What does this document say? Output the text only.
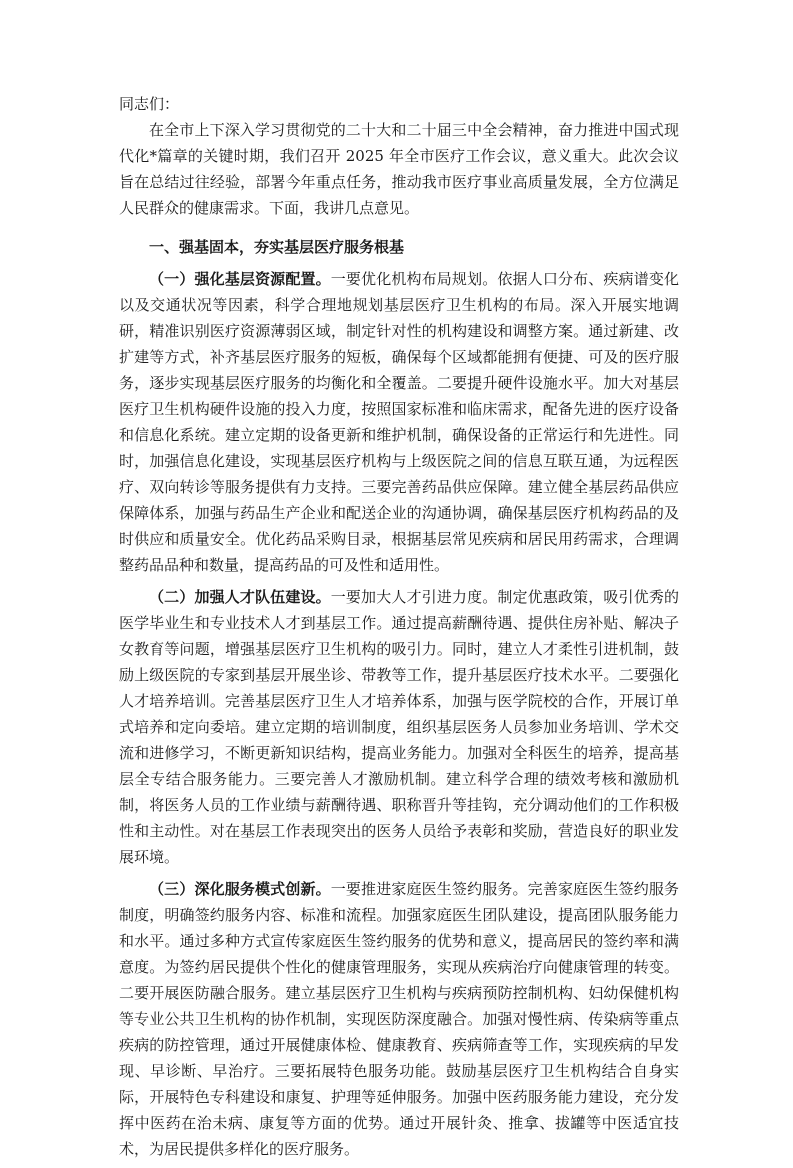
同志们：

在全市上下深入学习贯彻党的二十大和二十届三中全会精神，奋力推进中国式现代化*篇章的关键时期，我们召开 2025 年全市医疗工作会议，意义重大。此次会议旨在总结过往经验，部署今年重点任务，推动我市医疗事业高质量发展，全方位满足人民群众的健康需求。下面，我讲几点意见。

一、强基固本，夯实基层医疗服务根基

（一）强化基层资源配置。一要优化机构布局规划。依据人口分布、疾病谱变化以及交通状况等因素，科学合理地规划基层医疗卫生机构的布局。深入开展实地调研，精准识别医疗资源薄弱区域，制定针对性的机构建设和调整方案。通过新建、改扩建等方式，补齐基层医疗服务的短板，确保每个区域都能拥有便捷、可及的医疗服务，逐步实现基层医疗服务的均衡化和全覆盖。二要提升硬件设施水平。加大对基层医疗卫生机构硬件设施的投入力度，按照国家标准和临床需求，配备先进的医疗设备和信息化系统。建立定期的设备更新和维护机制，确保设备的正常运行和先进性。同时，加强信息化建设，实现基层医疗机构与上级医院之间的信息互联互通，为远程医疗、双向转诊等服务提供有力支持。三要完善药品供应保障。建立健全基层药品供应保障体系，加强与药品生产企业和配送企业的沟通协调，确保基层医疗机构药品的及时供应和质量安全。优化药品采购目录，根据基层常见疾病和居民用药需求，合理调整药品品种和数量，提高药品的可及性和适用性。

（二）加强人才队伍建设。一要加大人才引进力度。制定优惠政策，吸引优秀的医学毕业生和专业技术人才到基层工作。通过提高薪酬待遇、提供住房补贴、解决子女教育等问题，增强基层医疗卫生机构的吸引力。同时，建立人才柔性引进机制，鼓励上级医院的专家到基层开展坐诊、带教等工作，提升基层医疗技术水平。二要强化人才培养培训。完善基层医疗卫生人才培养体系，加强与医学院校的合作，开展订单式培养和定向委培。建立定期的培训制度，组织基层医务人员参加业务培训、学术交流和进修学习，不断更新知识结构，提高业务能力。加强对全科医生的培养，提高基层全专结合服务能力。三要完善人才激励机制。建立科学合理的绩效考核和激励机制，将医务人员的工作业绩与薪酬待遇、职称晋升等挂钩，充分调动他们的工作积极性和主动性。对在基层工作表现突出的医务人员给予表彰和奖励，营造良好的职业发展环境。

（三）深化服务模式创新。一要推进家庭医生签约服务。完善家庭医生签约服务制度，明确签约服务内容、标准和流程。加强家庭医生团队建设，提高团队服务能力和水平。通过多种方式宣传家庭医生签约服务的优势和意义，提高居民的签约率和满意度。为签约居民提供个性化的健康管理服务，实现从疾病治疗向健康管理的转变。二要开展医防融合服务。建立基层医疗卫生机构与疾病预防控制机构、妇幼保健机构等专业公共卫生机构的协作机制，实现医防深度融合。加强对慢性病、传染病等重点疾病的防控管理，通过开展健康体检、健康教育、疾病筛查等工作，实现疾病的早发现、早诊断、早治疗。三要拓展特色服务功能。鼓励基层医疗卫生机构结合自身实际，开展特色专科建设和康复、护理等延伸服务。加强中医药服务能力建设，充分发挥中医药在治未病、康复等方面的优势。通过开展针灸、推拿、拔罐等中医适宜技术，为居民提供多样化的医疗服务。
